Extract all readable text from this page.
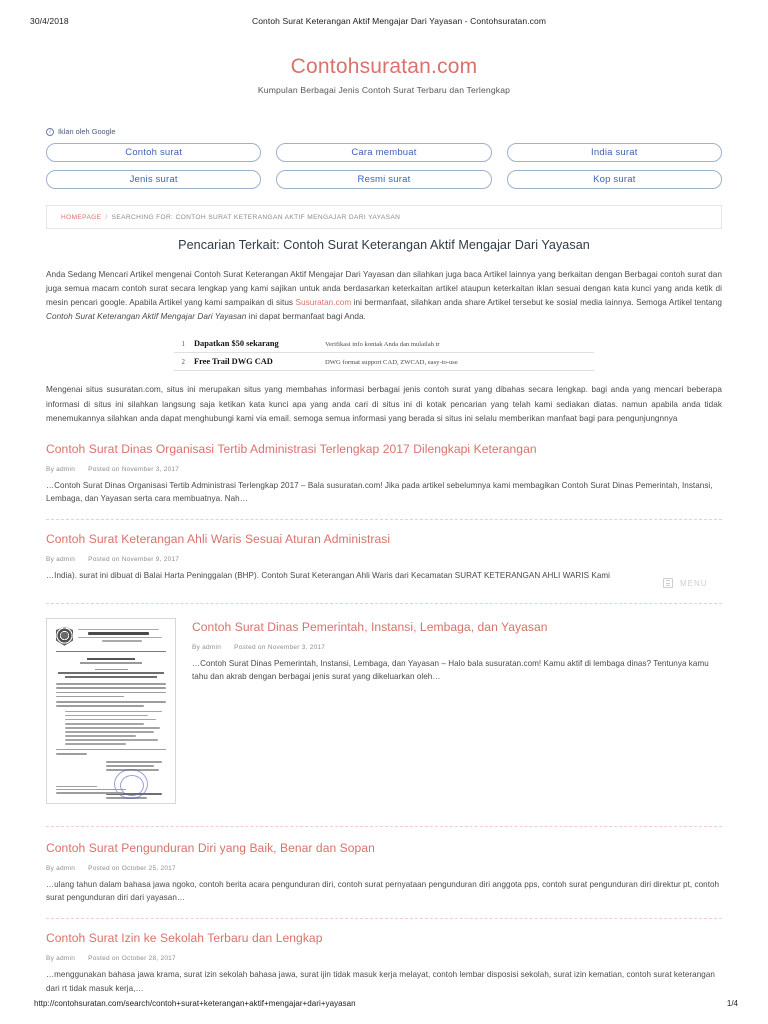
30/4/2018	Contoh Surat Keterangan Aktif Mengajar Dari Yayasan - Contohsuratan.com
Contohsuratan.com
Kumpulan Berbagai Jenis Contoh Surat Terbaru dan Terlengkap
i Iklan oleh Google
Contoh surat	Cara membuat	India surat
Jenis surat	Resmi surat	Kop surat
HOMEPAGE / SEARCHING FOR: CONTOH SURAT KETERANGAN AKTIF MENGAJAR DARI YAYASAN
Pencarian Terkait: Contoh Surat Keterangan Aktif Mengajar Dari Yayasan

Anda Sedang Mencari Artikel mengenai Contoh Surat Keterangan Aktif Mengajar Dari Yayasan dan silahkan juga baca Artikel lainnya yang berkaitan dengan Berbagai contoh surat dan juga semua macam contoh surat secara lengkap yang kami sajikan untuk anda berdasarkan keterkaitan artikel ataupun keterkaitan iklan sesuai dengan kata kunci yang anda ketik di mesin pencari google. Apabila Artikel yang kami sampaikan di situs Susuratan.com ini bermanfaat, silahkan anda share Artikel tersebut ke sosial media lainnya. Semoga Artikel tentang Contoh Surat Keterangan Aktif Mengajar Dari Yayasan ini dapat bermanfaat bagi Anda.

1 Dapatkan $50 sekarang	Verifikasi info kontak Anda dan mulailah tr
2 Free Trail DWG CAD	DWG format support CAD, ZWCAD, easy-to-use

Mengenai situs susuratan.com, situs ini merupakan situs yang membahas informasi berbagai jenis contoh surat yang dibahas secara lengkap. bagi anda yang mencari beberapa informasi di situs ini silahkan langsung saja ketikan kata kunci apa yang anda cari di situs ini di kotak pencarian yang telah kami sediakan diatas. namun apabila anda tidak menemukannya silahkan anda dapat menghubungi kami via email. semoga semua informasi yang berada si situs ini selalu memberikan manfaat bagi para pengunjungnnya

Contoh Surat Dinas Organisasi Tertib Administrasi Terlengkap 2017 Dilengkapi Keterangan
By admin Posted on November 3, 2017
…Contoh Surat Dinas Organisasi Tertib Administrasi Terlengkap 2017 – Bala susuratan.com! Jika pada artikel sebelumnya kami membagikan Contoh Surat Dinas Pemerintah, Instansi, Lembaga, dan Yayasan serta cara membuatnya. Nah…
Contoh Surat Keterangan Ahli Waris Sesuai Aturan Administrasi
By admin Posted on November 9, 2017
…India). surat ini dibuat di Balai Harta Peninggalan (BHP). Contoh Surat Keterangan Ahli Waris dari Kecamatan SURAT KETERANGAN AHLI WARIS Kami
Contoh Surat Dinas Pemerintah, Instansi, Lembaga, dan Yayasan
By admin Posted on November 3, 2017
…Contoh Surat Dinas Pemerintah, Instansi, Lembaga, dan Yayasan – Halo bala susuratan.com! Kamu aktif di lembaga dinas? Tentunya kamu tahu dan akrab dengan berbagai jenis surat yang dikeluarkan oleh…
Contoh Surat Pengunduran Diri yang Baik, Benar dan Sopan
By admin Posted on October 25, 2017
…ulang tahun dalam bahasa jawa ngoko, contoh berita acara pengunduran diri, contoh surat pernyataan pengunduran diri anggota pps, contoh surat pengunduran diri direktur pt, contoh surat pengunduran diri dari yayasan…
Contoh Surat Izin ke Sekolah Terbaru dan Lengkap
By admin Posted on October 28, 2017
…menggunakan bahasa jawa krama, surat izin sekolah bahasa jawa, surat ijin tidak masuk kerja melayat, contoh lembar disposisi sekolah, surat izin kematian, contoh surat keterangan dari rt tidak masuk kerja,…
MENU
http://contohsuratan.com/search/contoh+surat+keterangan+aktif+mengajar+dari+yayasan	1/4
